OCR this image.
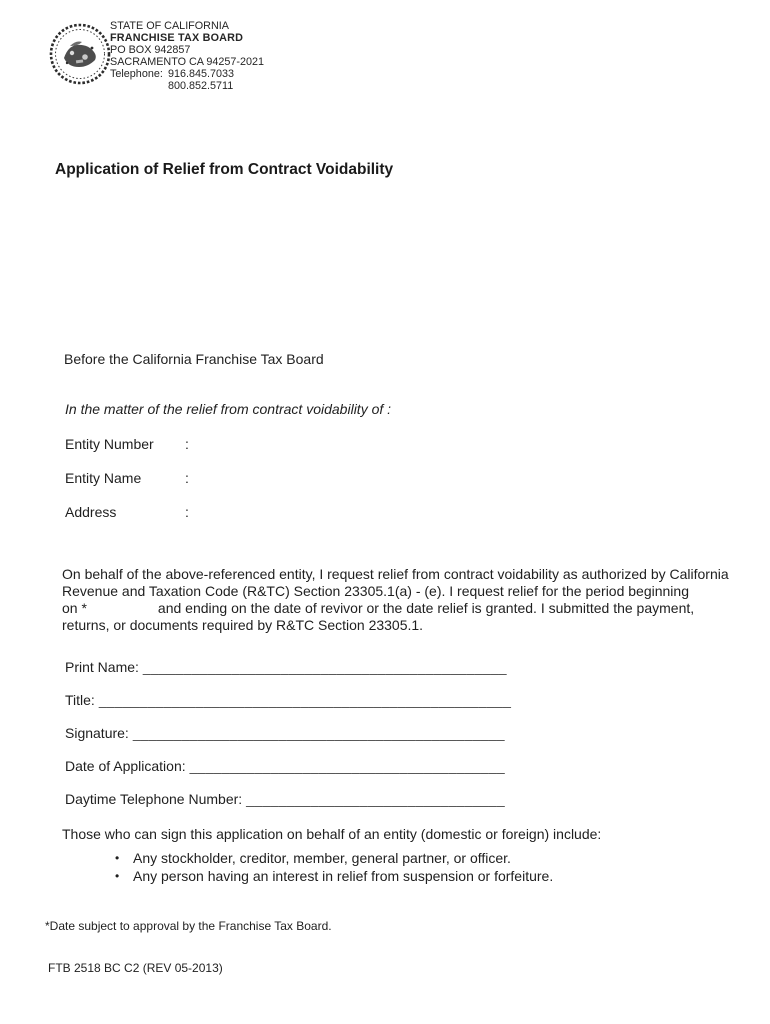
STATE OF CALIFORNIA
FRANCHISE TAX BOARD
PO BOX 942857
SACRAMENTO CA 94257-2021
Telephone: 916.845.7033
800.852.5711
Application of Relief from Contract Voidability
Before the California Franchise Tax Board
In the matter of the relief from contract voidability of :
Entity Number :
Entity Name	:
Address	:
On behalf of the above-referenced entity, I request relief from contract voidability as authorized by California
Revenue and Taxation Code (R&TC) Section 23305.1(a) - (e). I request relief for the period beginning
on *	and ending on the date of revivor or the date relief is granted. I submitted the payment,
returns, or documents required by R&TC Section 23305.1.
Print Name: _____________________________________________
Title: ___________________________________________________
Signature: ______________________________________________
Date of Application: _______________________________________
Daytime Telephone Number: ________________________________
Those who can sign this application on behalf of an entity (domestic or foreign) include:
• Any stockholder, creditor, member, general partner, or officer.
• Any person having an interest in relief from suspension or forfeiture.
*Date subject to approval by the Franchise Tax Board.
FTB 2518 BC C2 (REV 05-2013)
